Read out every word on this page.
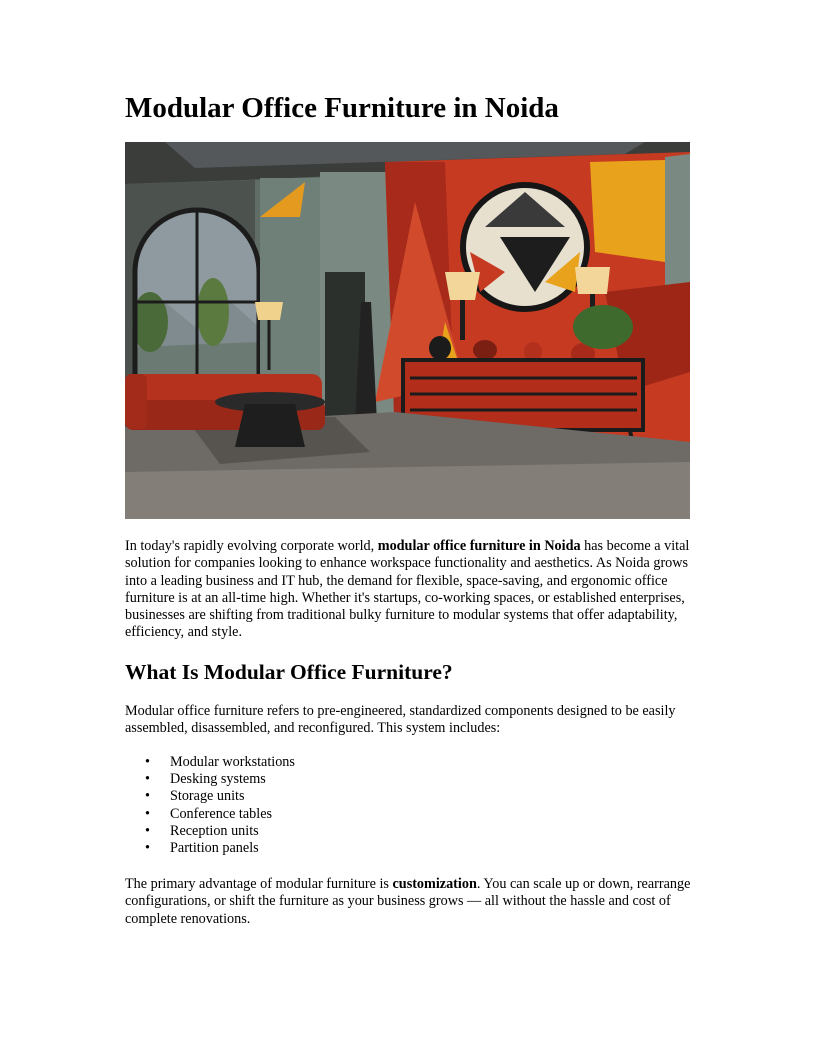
Modular Office Furniture in Noida

In today's rapidly evolving corporate world, modular office furniture in Noida has become a vital solution for companies looking to enhance workspace functionality and aesthetics. As Noida grows into a leading business and IT hub, the demand for flexible, space-saving, and ergonomic office furniture is at an all-time high. Whether it's startups, co-working spaces, or established enterprises, businesses are shifting from traditional bulky furniture to modular systems that offer adaptability, efficiency, and style.

What Is Modular Office Furniture?

Modular office furniture refers to pre-engineered, standardized components designed to be easily assembled, disassembled, and reconfigured. This system includes:

• Modular workstations
• Desking systems
• Storage units
• Conference tables
• Reception units
• Partition panels

The primary advantage of modular furniture is customization. You can scale up or down, rearrange configurations, or shift the furniture as your business grows — all without the hassle and cost of complete renovations.
